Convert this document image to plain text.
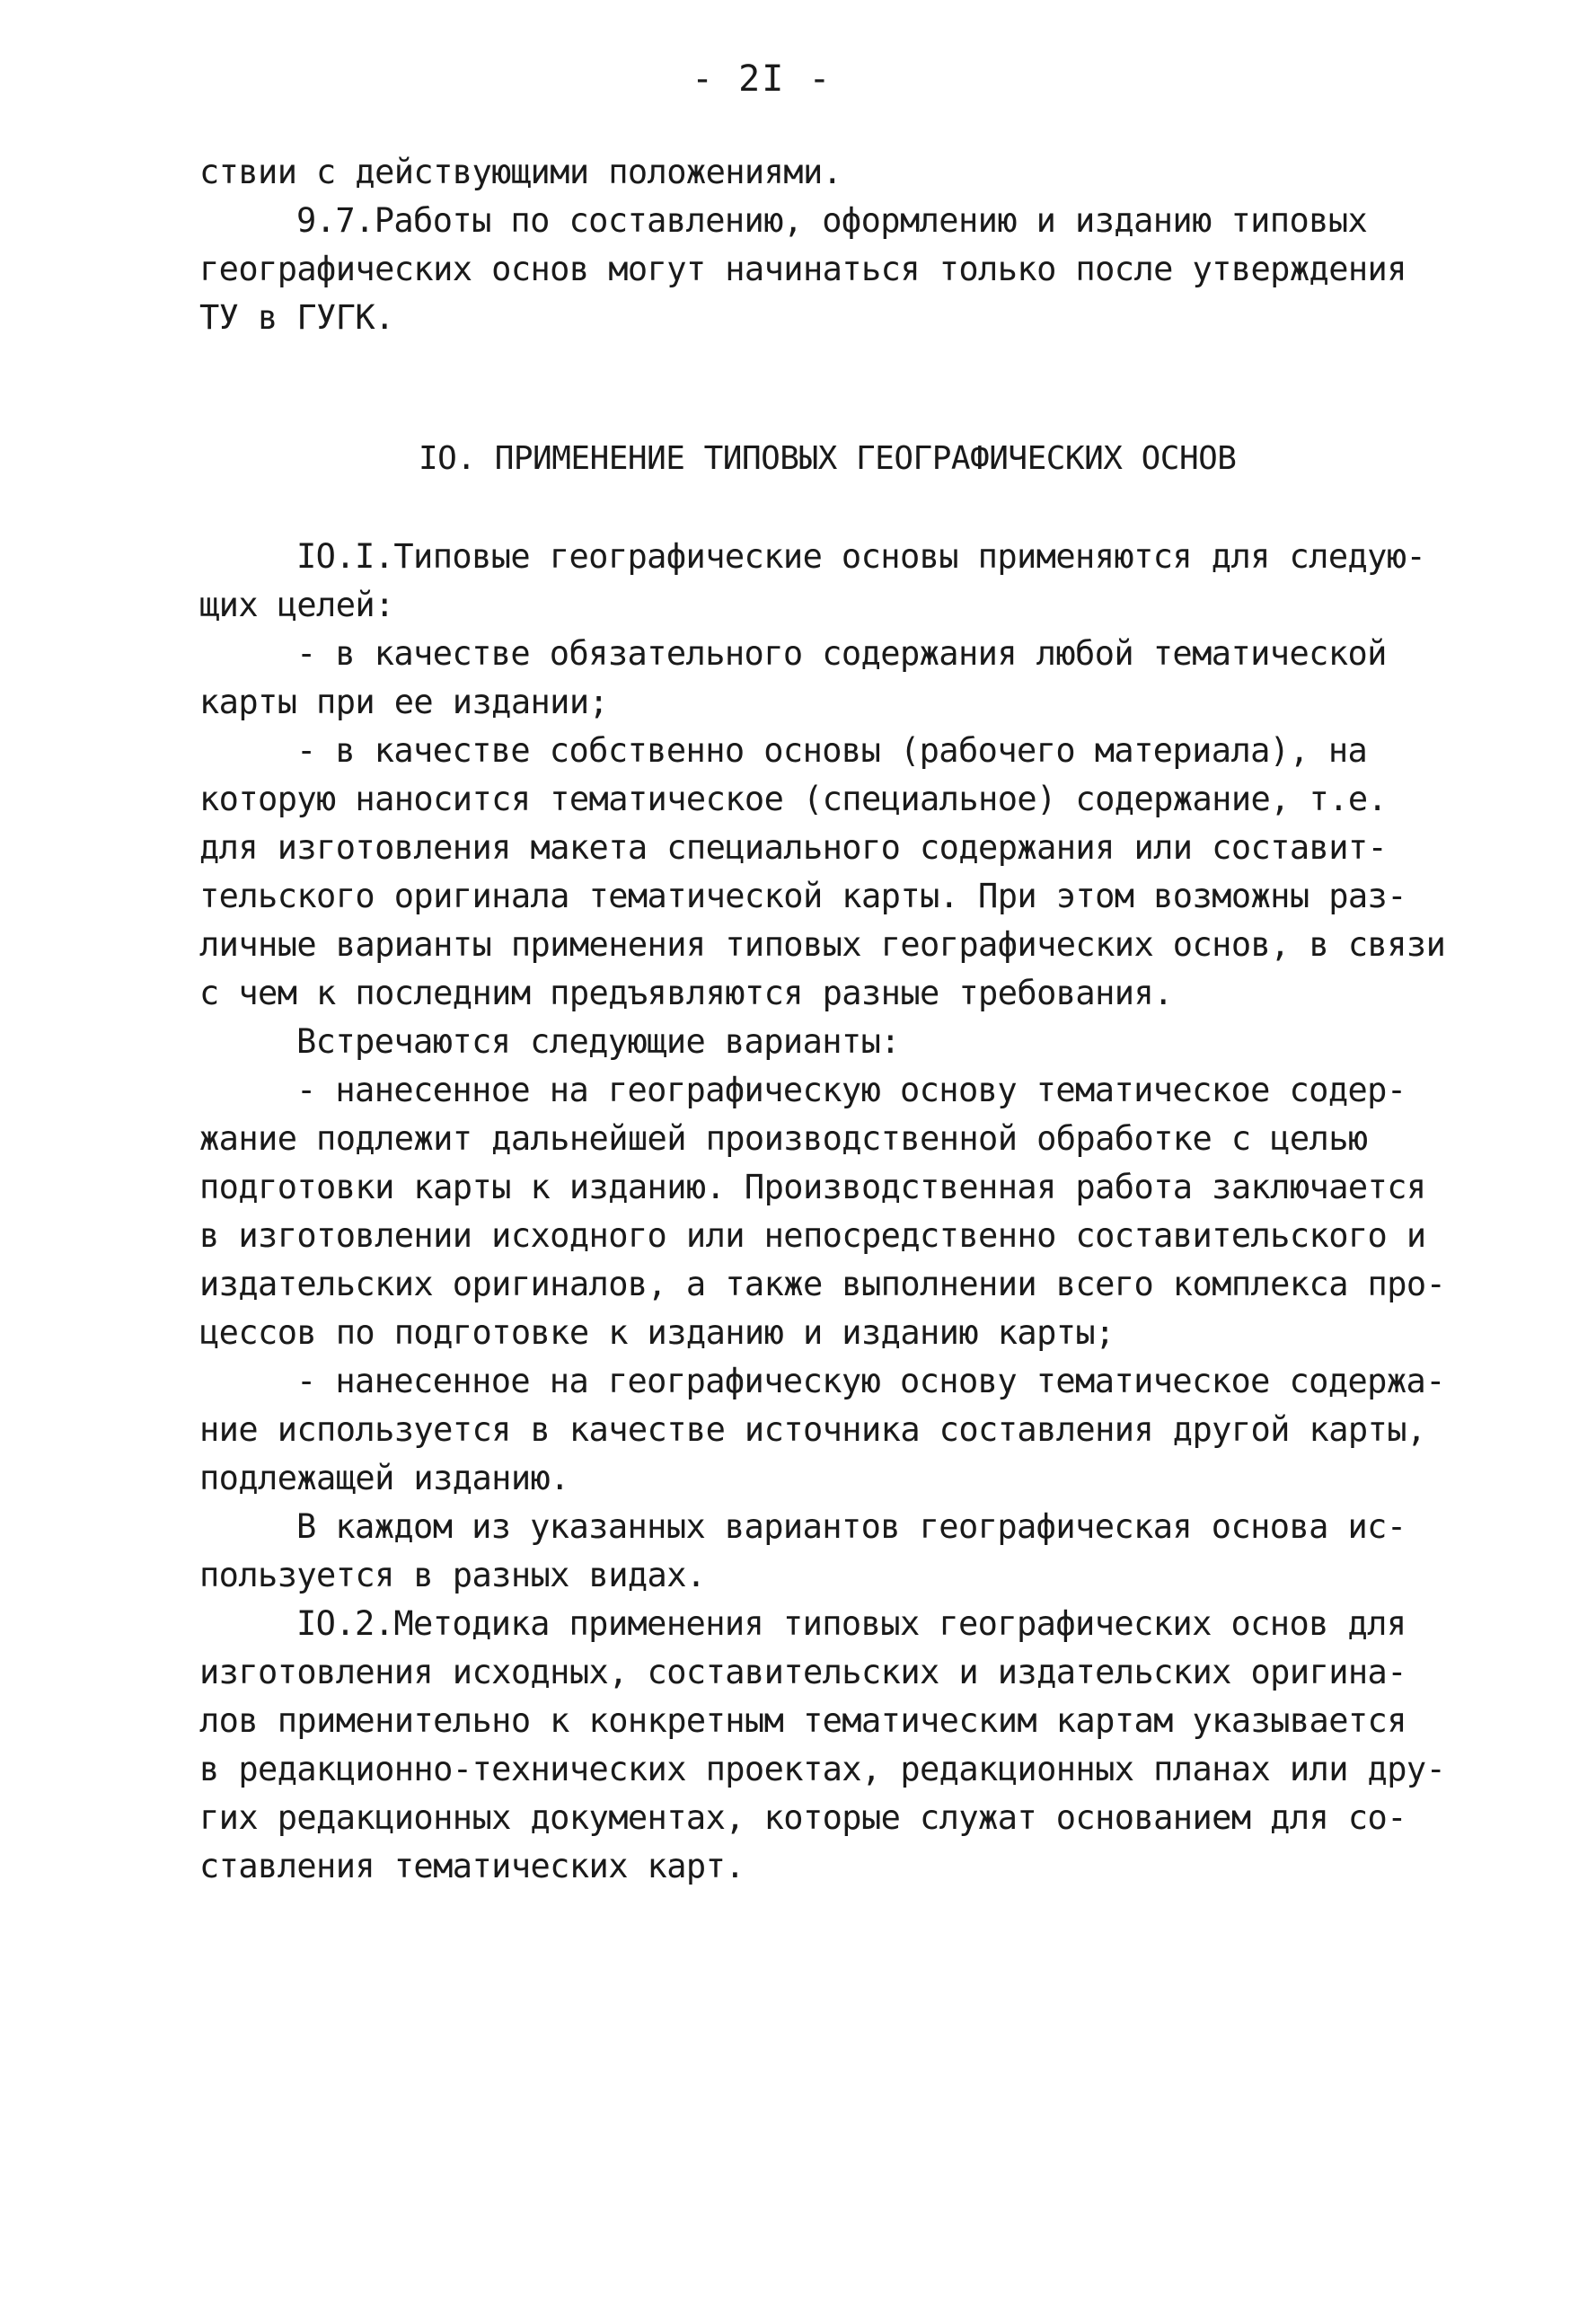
- 2I -
ствии с действующими положениями.
9.7.Работы по составлению, оформлению и изданию типовых
географических основ могут начинаться только после утверждения
ТУ в ГУГК.
IO. ПРИМЕНЕНИЕ ТИПОВЫХ ГЕОГРАФИЧЕСКИХ ОСНОВ
IO.I.Типовые географические основы применяются для следую-
щих целей:
- в качестве обязательного содержания любой тематической
карты при ее издании;
- в качестве собственно основы (рабочего материала), на
которую наносится тематическое (специальное) содержание, т.е.
для изготовления макета специального содержания или составит-
тельского оригинала тематической карты. При этом возможны раз-
личные варианты применения типовых географических основ, в связи
с чем к последним предъявляются разные требования.
Встречаются следующие варианты:
- нанесенное на географическую основу тематическое содер-
жание подлежит дальнейшей производственной обработке с целью
подготовки карты к изданию. Производственная работа заключается
в изготовлении исходного или непосредственно составительского и
издательских оригиналов, а также выполнении всего комплекса про-
цессов по подготовке к изданию и изданию карты;
- нанесенное на географическую основу тематическое содержа-
ние используется в качестве источника составления другой карты,
подлежащей изданию.
В каждом из указанных вариантов географическая основа ис-
пользуется в разных видах.
IO.2.Методика применения типовых географических основ для
изготовления исходных, составительских и издательских оригина-
лов применительно к конкретным тематическим картам указывается
в редакционно-технических проектах, редакционных планах или дру-
гих редакционных документах, которые служат основанием для со-
ставления тематических карт.
